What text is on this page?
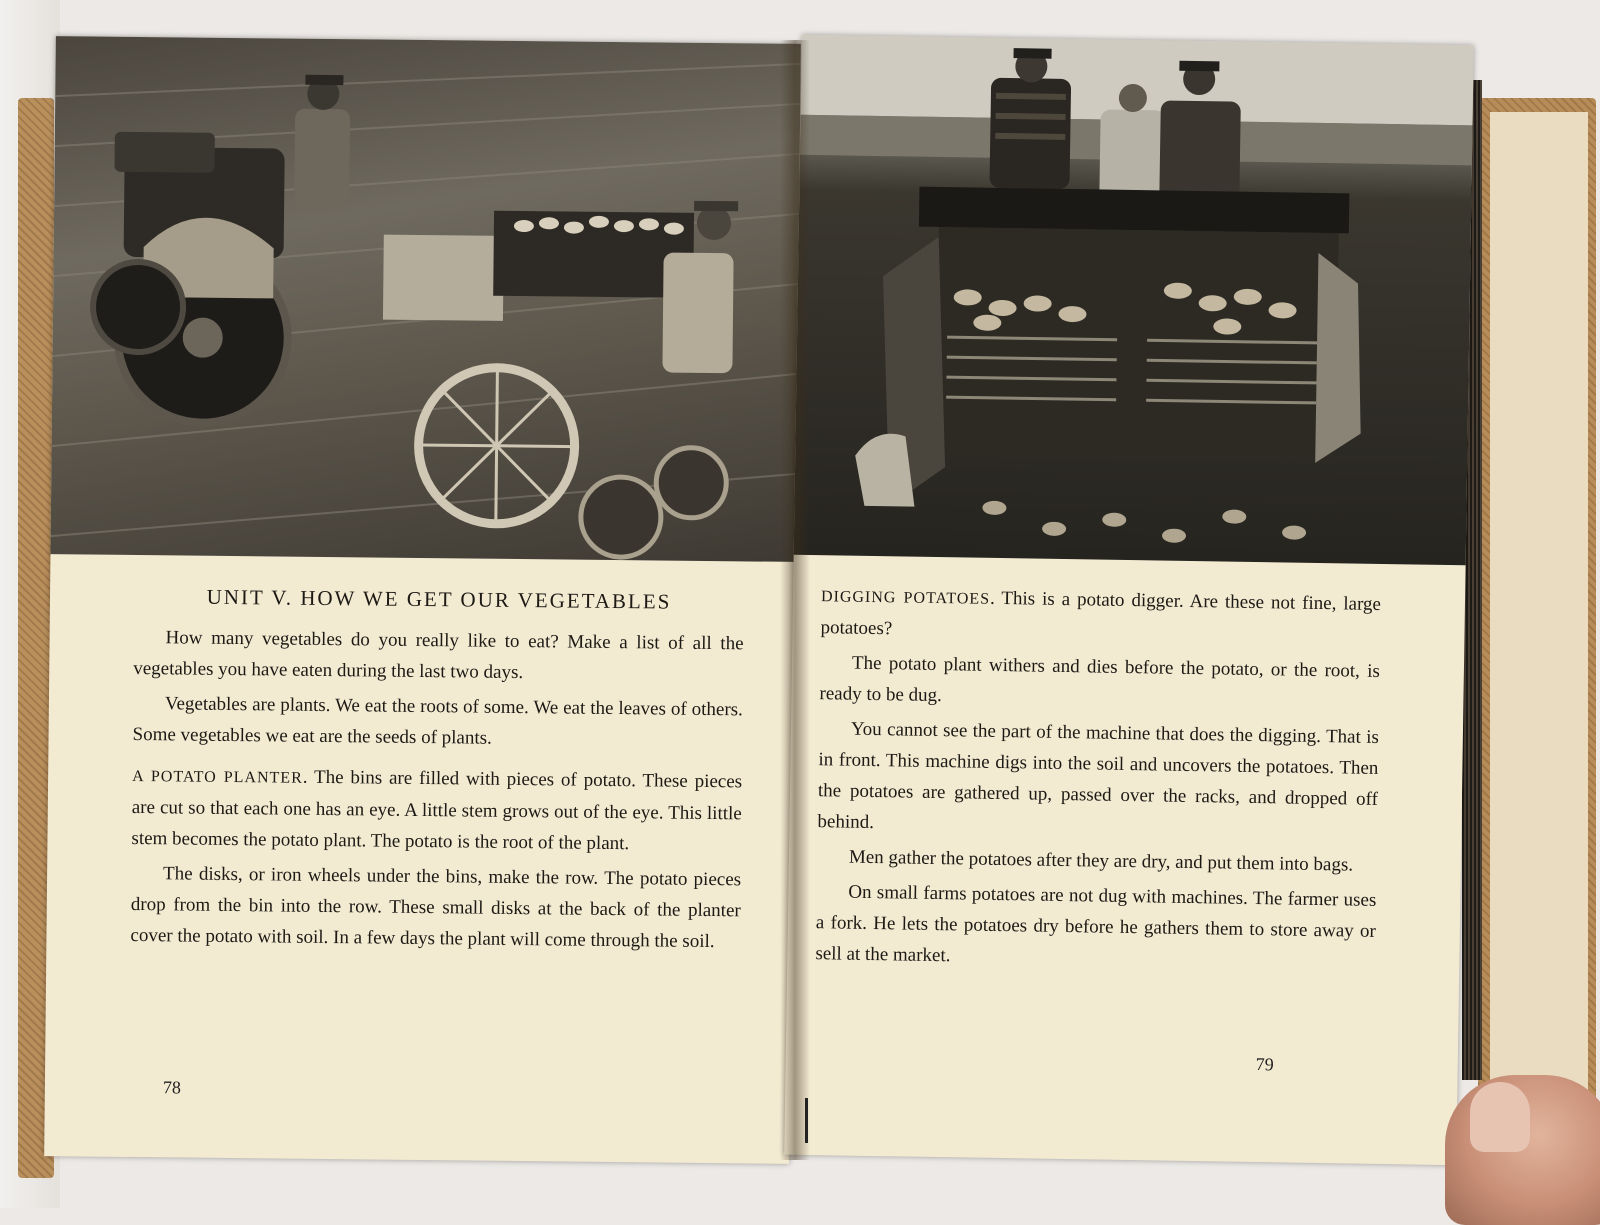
UNIT V. HOW WE GET OUR VEGETABLES

How many vegetables do you really like to eat? Make a list of all the vegetables you have eaten during the last two days.

Vegetables are plants. We eat the roots of some. We eat the leaves of others. Some vegetables we eat are the seeds of plants.

A POTATO PLANTER. The bins are filled with pieces of potato. These pieces are cut so that each one has an eye. A little stem grows out of the eye. This little stem becomes the potato plant. The potato is the root of the plant.

The disks, or iron wheels under the bins, make the row. The potato pieces drop from the bin into the row. These small disks at the back of the planter cover the potato with soil. In a few days the plant will come through the soil.

78

DIGGING POTATOES. This is a potato digger. Are these not fine, large potatoes?

The potato plant withers and dies before the potato, or the root, is ready to be dug.

You cannot see the part of the machine that does the digging. That is in front. This machine digs into the soil and uncovers the potatoes. Then the potatoes are gathered up, passed over the racks, and dropped off behind.

Men gather the potatoes after they are dry, and put them into bags.

On small farms potatoes are not dug with machines. The farmer uses a fork. He lets the potatoes dry before he gathers them to store away or sell at the market.

79
